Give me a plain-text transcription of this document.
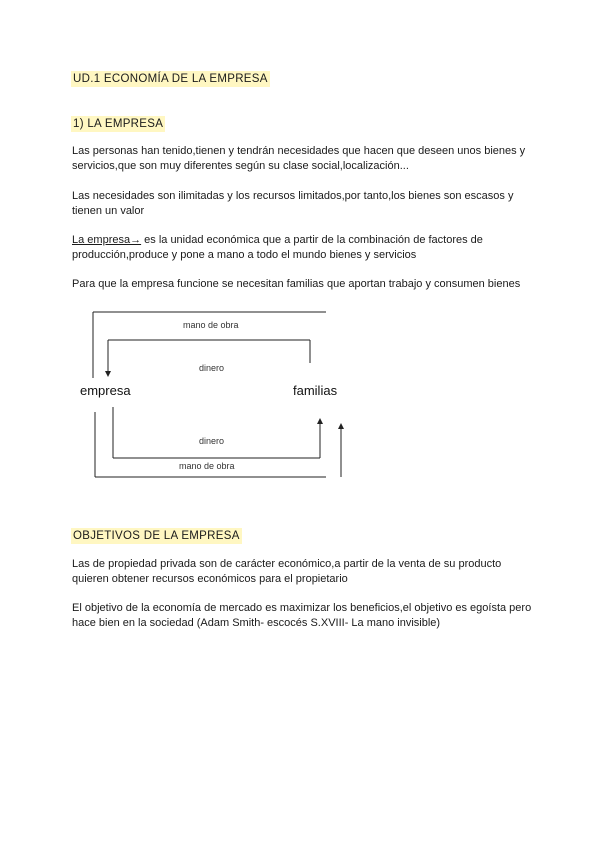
UD.1 ECONOMÍA DE LA EMPRESA
1) LA EMPRESA
Las personas han tenido,tienen y tendrán necesidades que hacen que deseen unos bienes y servicios,que son muy diferentes según su clase social,localización...
Las necesidades son ilimitadas y los recursos limitados,por tanto,los bienes son escasos y tienen un valor
La empresa→ es la unidad económica que a partir de la combinación de factores de producción,produce y pone a mano a todo el mundo bienes y servicios
Para que la empresa funcione se necesitan familias que aportan trabajo y consumen bienes
mano de obra
dinero
empresa	familias
dinero
mano de obra
OBJETIVOS DE LA EMPRESA
Las de propiedad privada son de carácter económico,a partir de la venta de su producto quieren obtener recursos económicos para el propietario
El objetivo de la economía de mercado es maximizar los beneficios,el objetivo es egoísta pero hace bien en la sociedad (Adam Smith- escocés S.XVIII- La mano invisible)
